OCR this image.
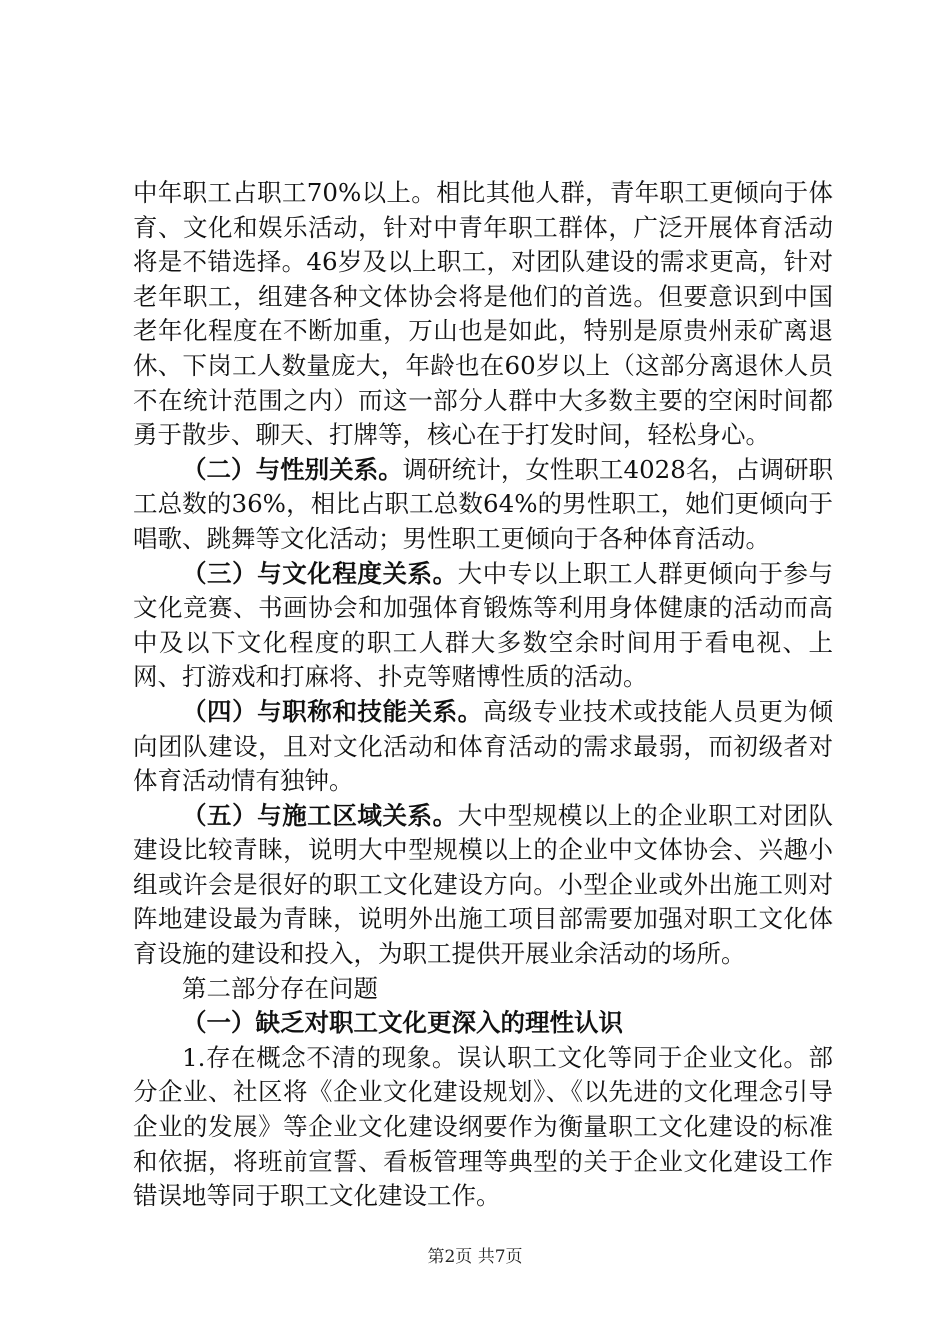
中年职工占职工70%以上。相比其他人群，青年职工更倾向于体育、文化和娱乐活动，针对中青年职工群体，广泛开展体育活动将是不错选择。46岁及以上职工，对团队建设的需求更高，针对老年职工，组建各种文体协会将是他们的首选。但要意识到中国老年化程度在不断加重，万山也是如此，特别是原贵州汞矿离退休、下岗工人数量庞大，年龄也在60岁以上（这部分离退休人员不在统计范围之内）而这一部分人群中大多数主要的空闲时间都勇于散步、聊天、打牌等，核心在于打发时间，轻松身心。

（二）与性别关系。调研统计，女性职工4028名，占调研职工总数的36%，相比占职工总数64%的男性职工，她们更倾向于唱歌、跳舞等文化活动；男性职工更倾向于各种体育活动。

（三）与文化程度关系。大中专以上职工人群更倾向于参与文化竞赛、书画协会和加强体育锻炼等利用身体健康的活动而高中及以下文化程度的职工人群大多数空余时间用于看电视、上网、打游戏和打麻将、扑克等赌博性质的活动。

（四）与职称和技能关系。高级专业技术或技能人员更为倾向团队建设，且对文化活动和体育活动的需求最弱，而初级者对体育活动情有独钟。

（五）与施工区域关系。大中型规模以上的企业职工对团队建设比较青睐，说明大中型规模以上的企业中文体协会、兴趣小组或许会是很好的职工文化建设方向。小型企业或外出施工则对阵地建设最为青睐，说明外出施工项目部需要加强对职工文化体育设施的建设和投入，为职工提供开展业余活动的场所。

第二部分存在问题

（一）缺乏对职工文化更深入的理性认识

1.存在概念不清的现象。误认职工文化等同于企业文化。部分企业、社区将《企业文化建设规划》、《以先进的文化理念引导企业的发展》等企业文化建设纲要作为衡量职工文化建设的标准和依据，将班前宣誓、看板管理等典型的关于企业文化建设工作错误地等同于职工文化建设工作。

第2页 共7页
